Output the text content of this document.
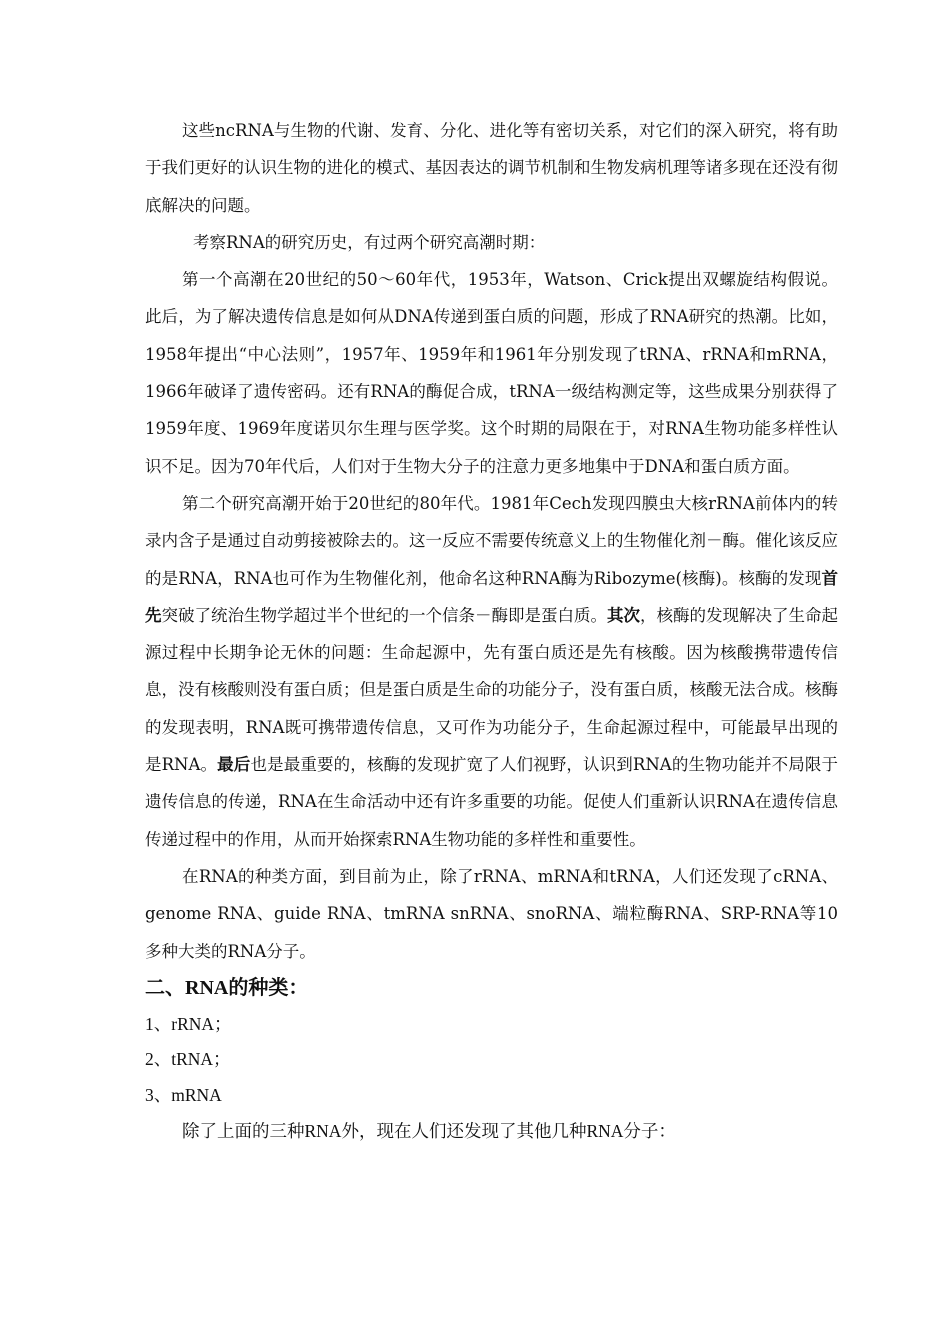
这些ncRNA与生物的代谢、发育、分化、进化等有密切关系，对它们的深入研究，将有助于我们更好的认识生物的进化的模式、基因表达的调节机制和生物发病机理等诸多现在还没有彻底解决的问题。

考察RNA的研究历史，有过两个研究高潮时期：

第一个高潮在20世纪的50～60年代，1953年，Watson、Crick提出双螺旋结构假说。此后，为了解决遗传信息是如何从DNA传递到蛋白质的问题，形成了RNA研究的热潮。比如，1958年提出“中心法则”，1957年、1959年和1961年分别发现了tRNA、rRNA和mRNA，1966年破译了遗传密码。还有RNA的酶促合成，tRNA一级结构测定等，这些成果分别获得了1959年度、1969年度诺贝尔生理与医学奖。这个时期的局限在于，对RNA生物功能多样性认识不足。因为70年代后，人们对于生物大分子的注意力更多地集中于DNA和蛋白质方面。

第二个研究高潮开始于20世纪的80年代。1981年Cech发现四膜虫大核rRNA前体内的转录内含子是通过自动剪接被除去的。这一反应不需要传统意义上的生物催化剂－酶。催化该反应的是RNA，RNA也可作为生物催化剂，他命名这种RNA酶为Ribozyme(核酶)。核酶的发现首先突破了统治生物学超过半个世纪的一个信条－酶即是蛋白质。其次，核酶的发现解决了生命起源过程中长期争论无休的问题：生命起源中，先有蛋白质还是先有核酸。因为核酸携带遗传信息，没有核酸则没有蛋白质；但是蛋白质是生命的功能分子，没有蛋白质，核酸无法合成。核酶的发现表明，RNA既可携带遗传信息，又可作为功能分子，生命起源过程中，可能最早出现的是RNA。最后也是最重要的，核酶的发现扩宽了人们视野，认识到RNA的生物功能并不局限于遗传信息的传递，RNA在生命活动中还有许多重要的功能。促使人们重新认识RNA在遗传信息传递过程中的作用，从而开始探索RNA生物功能的多样性和重要性。

在RNA的种类方面，到目前为止，除了rRNA、mRNA和tRNA，人们还发现了cRNA、genome RNA、guide RNA、tmRNA snRNA、snoRNA、端粒酶RNA、SRP-RNA等10多种大类的RNA分子。

二、RNA的种类：

1、rRNA；

2、tRNA；

3、mRNA

除了上面的三种RNA外，现在人们还发现了其他几种RNA分子：
